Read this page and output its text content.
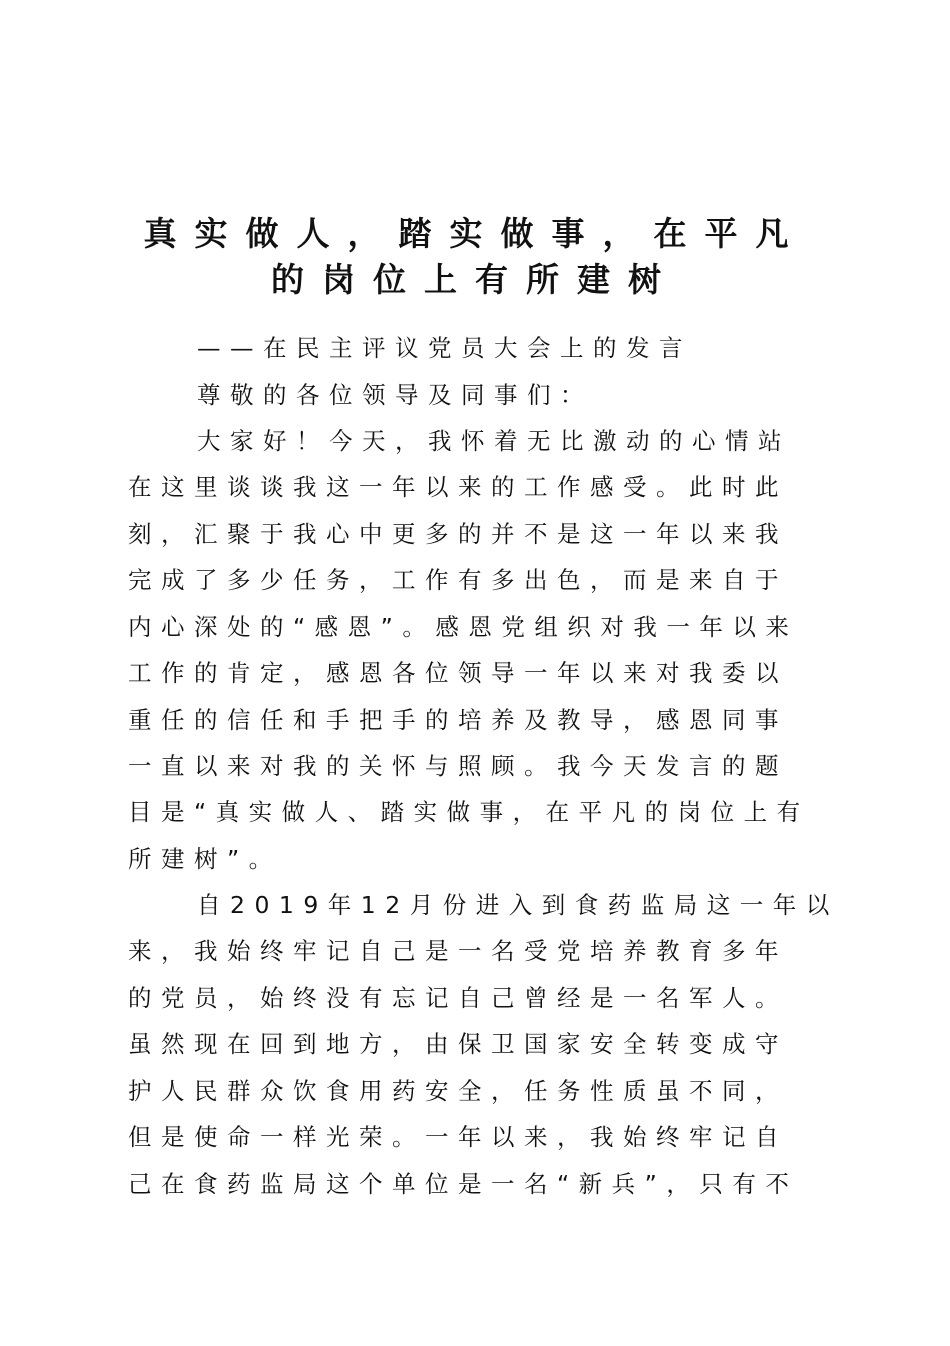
真实做人，踏实做事，在平凡
的岗位上有所建树
——在民主评议党员大会上的发言
尊敬的各位领导及同事们：
大家好！今天，我怀着无比激动的心情站
在这里谈谈我这一年以来的工作感受。此时此
刻，汇聚于我心中更多的并不是这一年以来我
完成了多少任务，工作有多出色，而是来自于
内心深处的“感恩”。感恩党组织对我一年以来
工作的肯定，感恩各位领导一年以来对我委以
重任的信任和手把手的培养及教导，感恩同事
一直以来对我的关怀与照顾。我今天发言的题
目是“真实做人、踏实做事，在平凡的岗位上有
所建树”。
自2019年12月份进入到食药监局这一年以
来，我始终牢记自己是一名受党培养教育多年
的党员，始终没有忘记自己曾经是一名军人。
虽然现在回到地方，由保卫国家安全转变成守
护人民群众饮食用药安全，任务性质虽不同，
但是使命一样光荣。一年以来，我始终牢记自
己在食药监局这个单位是一名“新兵”，只有不
